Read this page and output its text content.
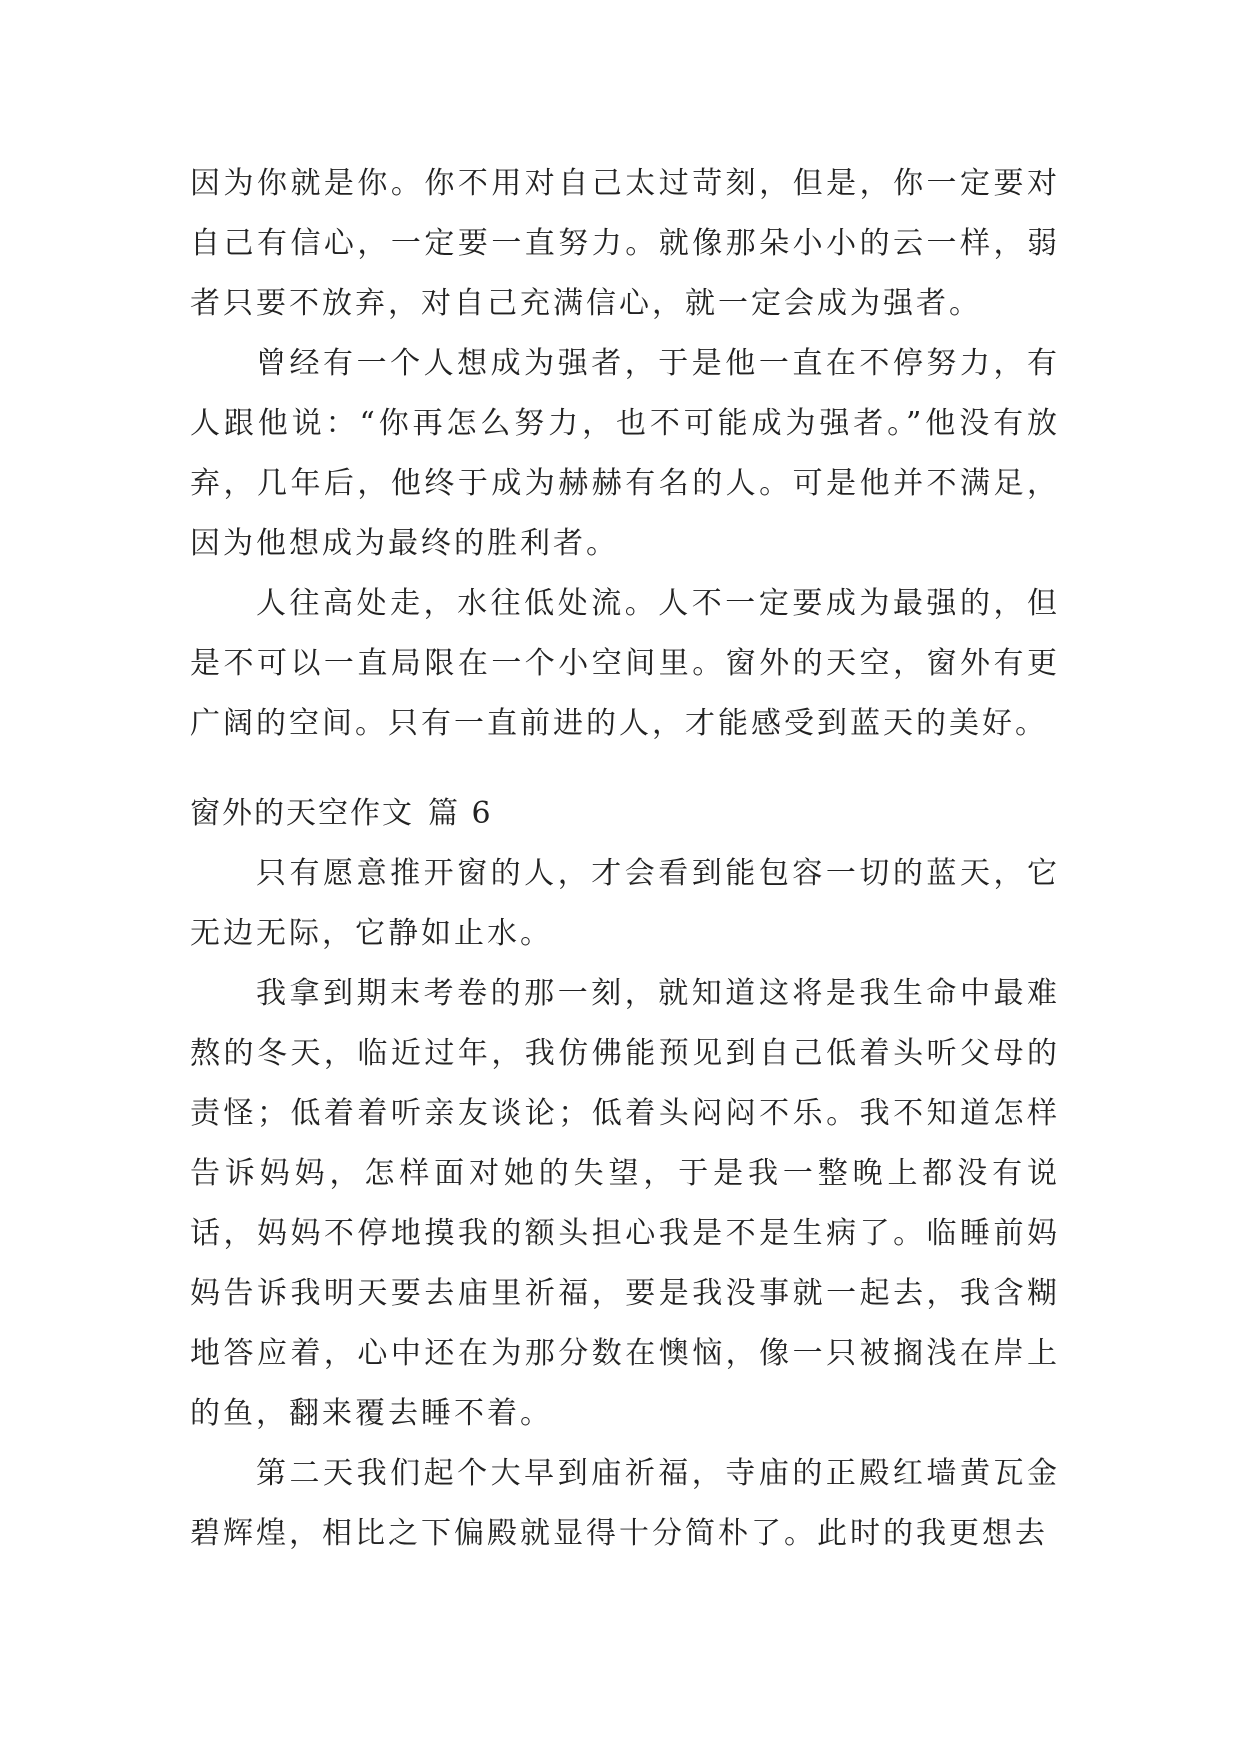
因为你就是你。你不用对自己太过苛刻，但是，你一定要对自己有信心，一定要一直努力。就像那朵小小的云一样，弱者只要不放弃，对自己充满信心，就一定会成为强者。

曾经有一个人想成为强者，于是他一直在不停努力，有人跟他说：“你再怎么努力，也不可能成为强者。”他没有放弃，几年后，他终于成为赫赫有名的人。可是他并不满足，因为他想成为最终的胜利者。

人往高处走，水往低处流。人不一定要成为最强的，但是不可以一直局限在一个小空间里。窗外的天空，窗外有更广阔的空间。只有一直前进的人，才能感受到蓝天的美好。

窗外的天空作文 篇 6

只有愿意推开窗的人，才会看到能包容一切的蓝天，它无边无际，它静如止水。

我拿到期末考卷的那一刻，就知道这将是我生命中最难熬的冬天，临近过年，我仿佛能预见到自己低着头听父母的责怪；低着着听亲友谈论；低着头闷闷不乐。我不知道怎样告诉妈妈，怎样面对她的失望，于是我一整晚上都没有说话，妈妈不停地摸我的额头担心我是不是生病了。临睡前妈妈告诉我明天要去庙里祈福，要是我没事就一起去，我含糊地答应着，心中还在为那分数在懊恼，像一只被搁浅在岸上的鱼，翻来覆去睡不着。

第二天我们起个大早到庙祈福，寺庙的正殿红墙黄瓦金碧辉煌，相比之下偏殿就显得十分简朴了。此时的我更想去
